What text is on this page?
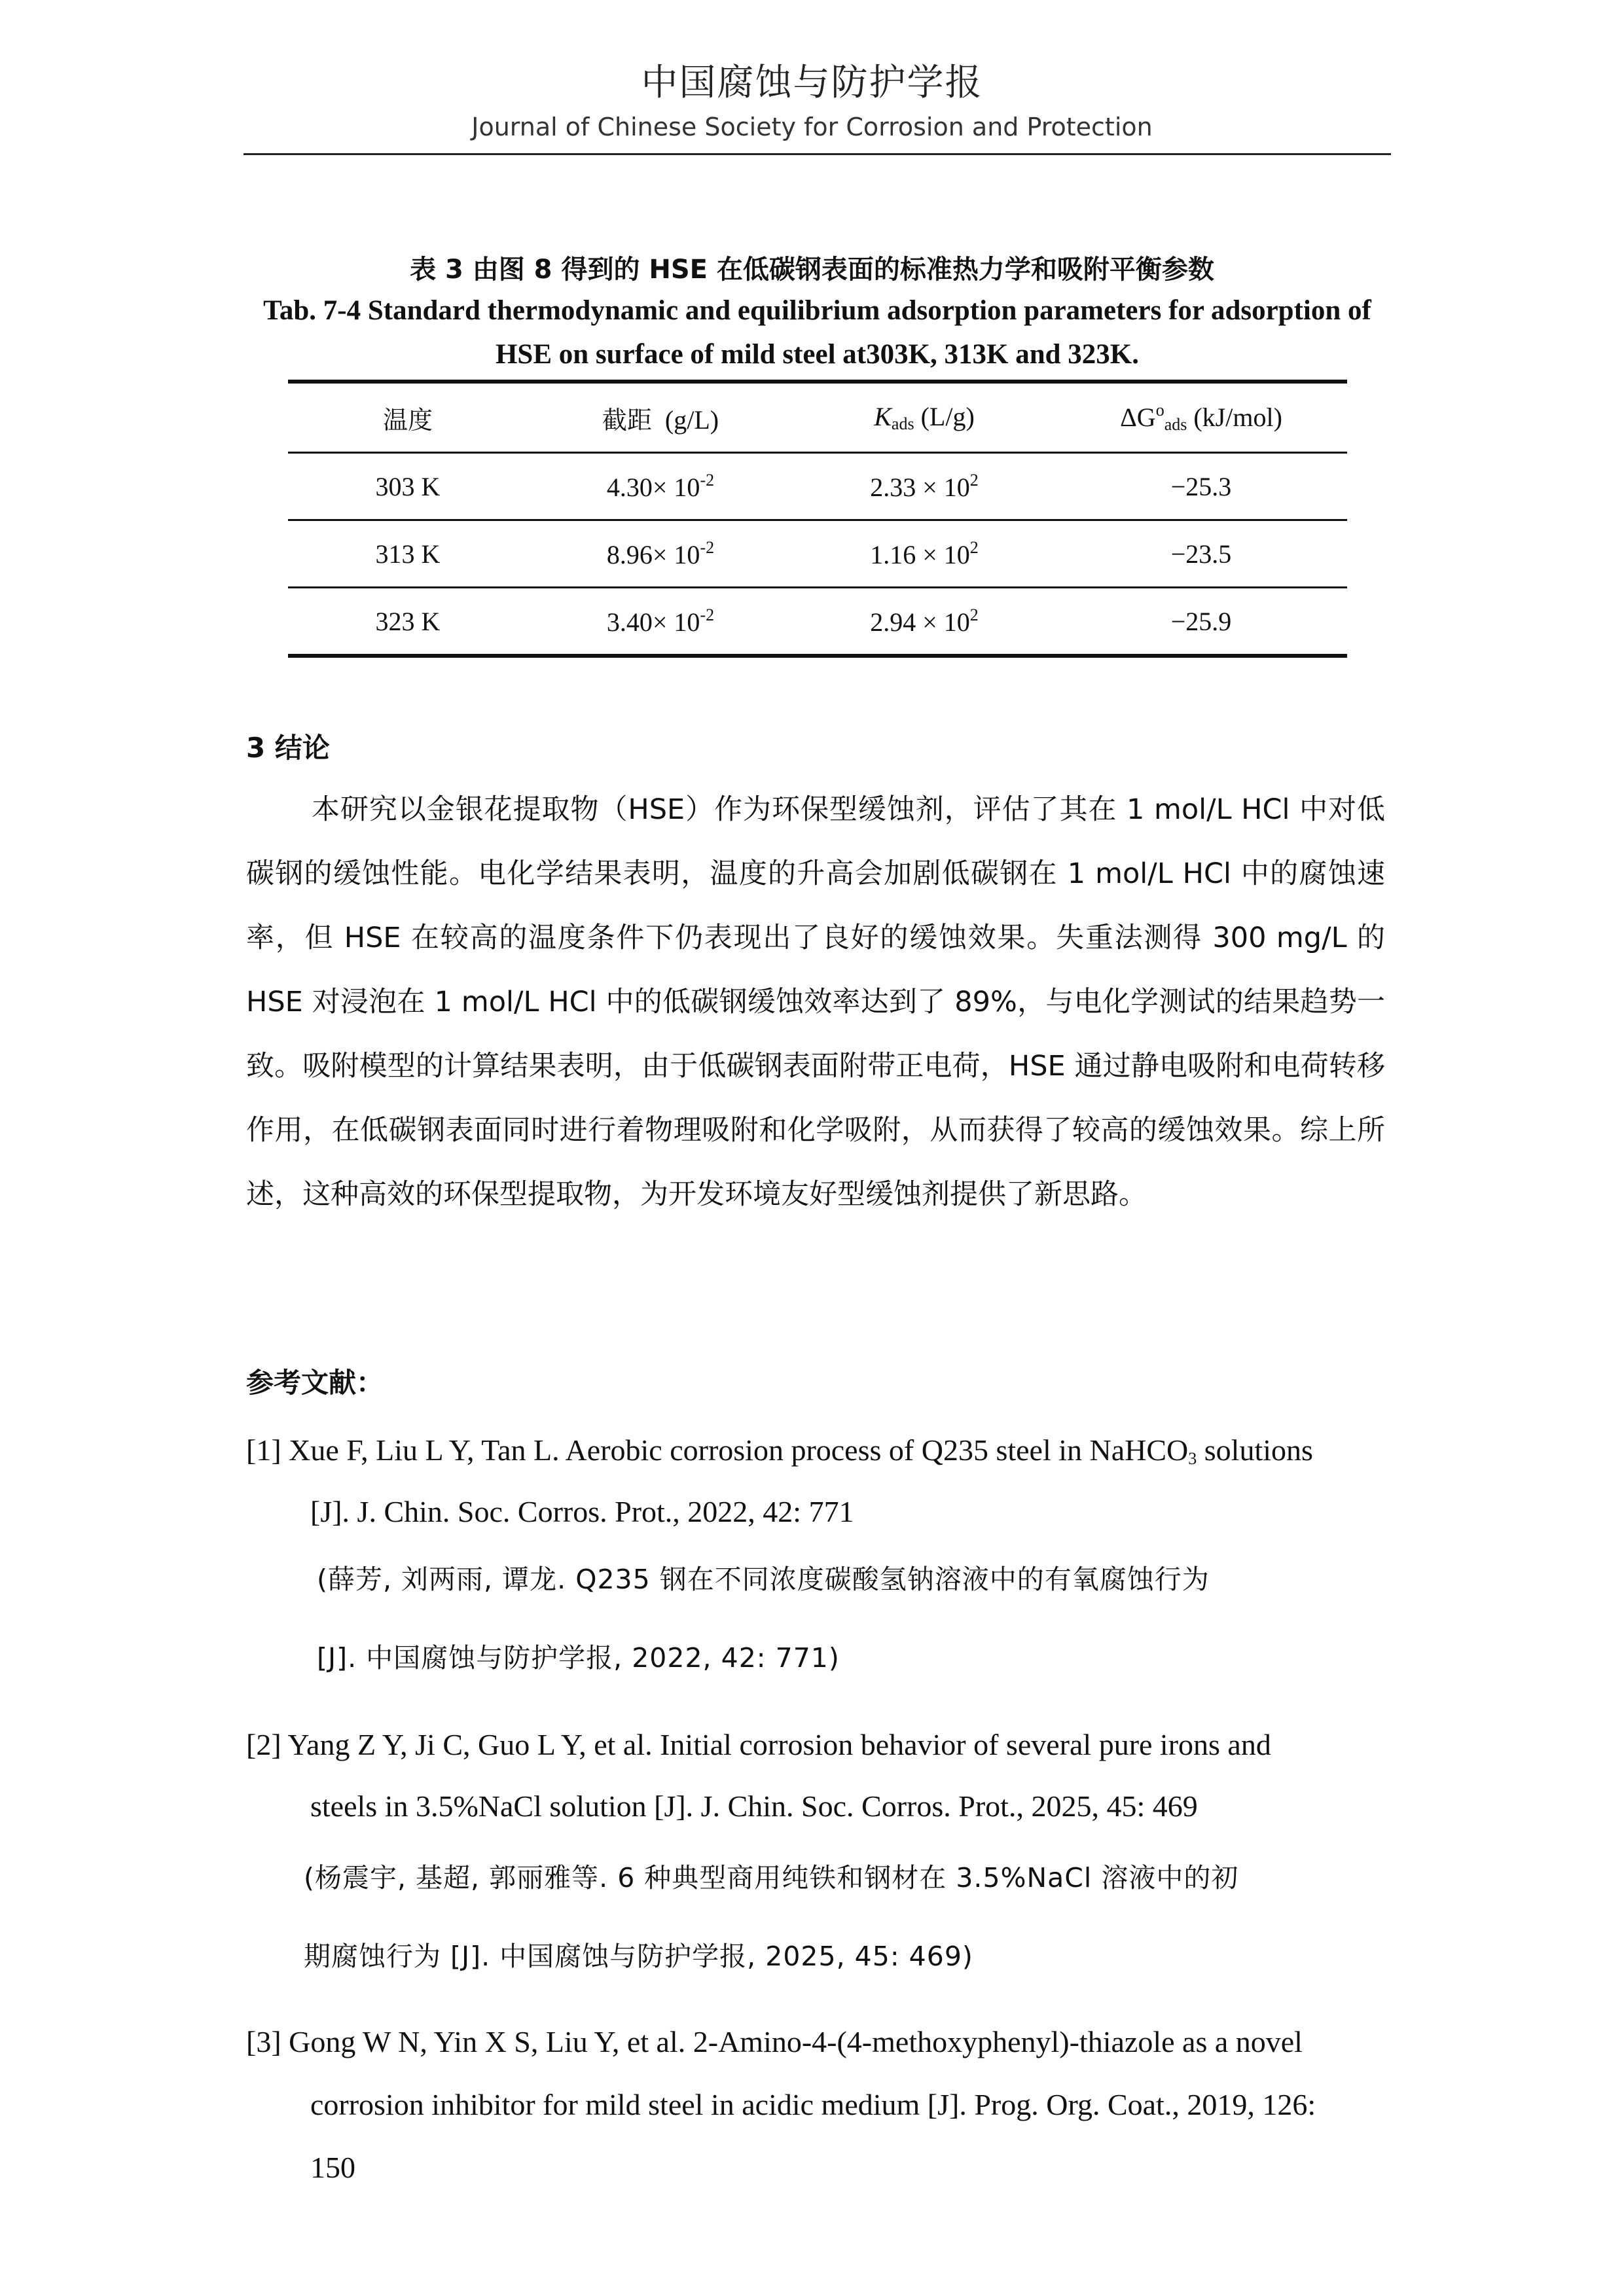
中国腐蚀与防护学报
Journal of Chinese Society for Corrosion and Protection
表 3 由图 8 得到的 HSE 在低碳钢表面的标准热力学和吸附平衡参数
Tab. 7-4 Standard thermodynamic and equilibrium adsorption parameters for adsorption of
HSE on surface of mild steel at303K, 313K and 323K.
温度	截距 (g/L)	$K_{ads}$ (L/g)	$\Delta G^o_{ads}$ (kJ/mol)
303 K	$4.30\times 10^{-2}$	$2.33 \times 10^2$	−25.3
313 K	$8.96\times 10^{-2}$	$1.16 \times 10^2$	−23.5
323 K	$3.40\times 10^{-2}$	$2.94 \times 10^2$	−25.9
3 结论
本研究以金银花提取物（HSE）作为环保型缓蚀剂，评估了其在 1 mol/L HCl 中对低碳钢的缓蚀性能。电化学结果表明，温度的升高会加剧低碳钢在 1 mol/L HCl 中的腐蚀速率，但 HSE 在较高的温度条件下仍表现出了良好的缓蚀效果。失重法测得 300 mg/L 的 HSE 对浸泡在 1 mol/L HCl 中的低碳钢缓蚀效率达到了 89%，与电化学测试的结果趋势一致。吸附模型的计算结果表明，由于低碳钢表面附带正电荷，HSE 通过静电吸附和电荷转移作用，在低碳钢表面同时进行着物理吸附和化学吸附，从而获得了较高的缓蚀效果。综上所述，这种高效的环保型提取物，为开发环境友好型缓蚀剂提供了新思路。
参考文献：
[1] Xue F, Liu L Y, Tan L. Aerobic corrosion process of Q235 steel in NaHCO$_3$ solutions
[J]. J. Chin. Soc. Corros. Prot., 2022, 42: 771
(薛芳, 刘两雨, 谭龙. Q235 钢在不同浓度碳酸氢钠溶液中的有氧腐蚀行为
[J]. 中国腐蚀与防护学报, 2022, 42: 771)
[2] Yang Z Y, Ji C, Guo L Y, et al. Initial corrosion behavior of several pure irons and
steels in 3.5%NaCl solution [J]. J. Chin. Soc. Corros. Prot., 2025, 45: 469
(杨震宇, 基超, 郭丽雅等. 6 种典型商用纯铁和钢材在 3.5%NaCl 溶液中的初
期腐蚀行为 [J]. 中国腐蚀与防护学报, 2025, 45: 469)
[3] Gong W N, Yin X S, Liu Y, et al. 2-Amino-4-(4-methoxyphenyl)-thiazole as a novel
corrosion inhibitor for mild steel in acidic medium [J]. Prog. Org. Coat., 2019, 126:
150
